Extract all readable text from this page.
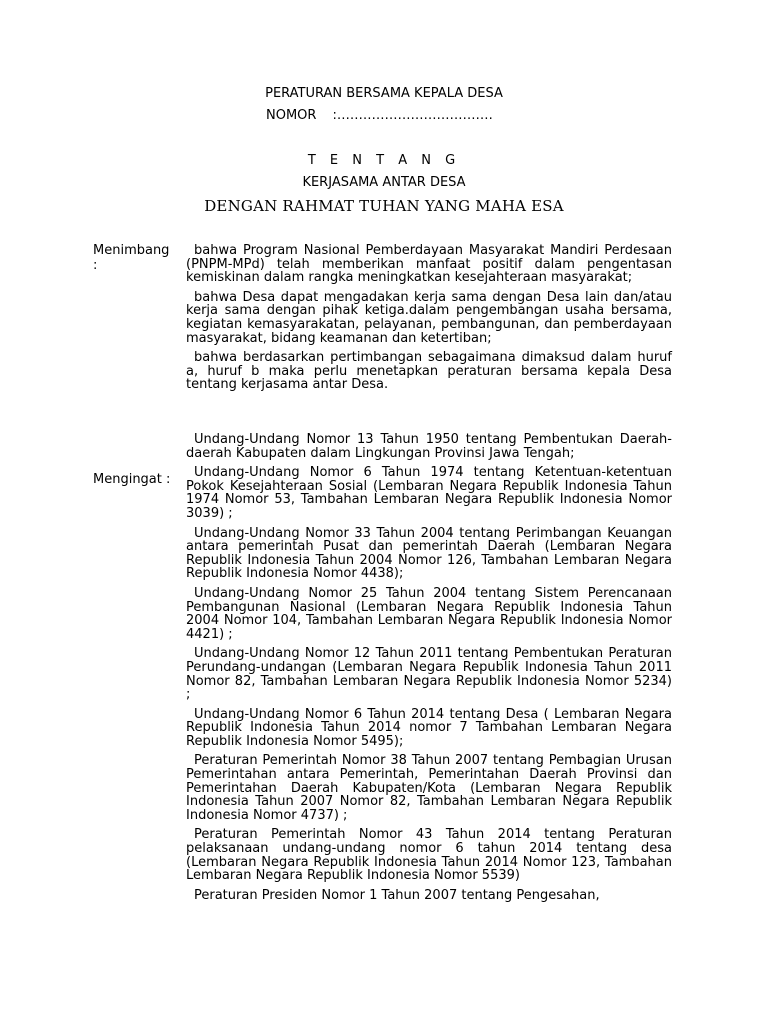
PERATURAN BERSAMA KEPALA DESA
NOMOR :………………………………
T E N T A N G
KERJASAMA ANTAR DESA
DENGAN RAHMAT TUHAN YANG MAHA ESA
Menimbang :

bahwa Program Nasional Pemberdayaan Masyarakat Mandiri Perdesaan (PNPM-MPd) telah memberikan manfaat positif dalam pengentasan kemiskinan dalam rangka meningkatkan kesejahteraan masyarakat;

bahwa Desa dapat mengadakan kerja sama dengan Desa lain dan/atau kerja sama dengan pihak ketiga.dalam pengembangan usaha bersama, kegiatan kemasyarakatan, pelayanan, pembangunan, dan pemberdayaan masyarakat, bidang keamanan dan ketertiban;

bahwa berdasarkan pertimbangan sebagaimana dimaksud dalam huruf a, huruf b maka perlu menetapkan peraturan bersama kepala Desa tentang kerjasama antar Desa.

Mengingat :

Undang-Undang Nomor 13 Tahun 1950 tentang Pembentukan Daerah-daerah Kabupaten dalam Lingkungan Provinsi Jawa Tengah;

Undang-Undang Nomor 6 Tahun 1974 tentang Ketentuan-ketentuan Pokok Kesejahteraan Sosial (Lembaran Negara Republik Indonesia Tahun 1974 Nomor 53, Tambahan Lembaran Negara Republik Indonesia Nomor 3039) ;

Undang-Undang Nomor 33 Tahun 2004 tentang Perimbangan Keuangan antara pemerintah Pusat dan pemerintah Daerah (Lembaran Negara Republik Indonesia Tahun 2004 Nomor 126, Tambahan Lembaran Negara Republik Indonesia Nomor 4438);

Undang-Undang Nomor 25 Tahun 2004 tentang Sistem Perencanaan Pembangunan Nasional (Lembaran Negara Republik Indonesia Tahun 2004 Nomor 104, Tambahan Lembaran Negara Republik Indonesia Nomor 4421) ;

Undang-Undang Nomor 12 Tahun 2011 tentang Pembentukan Peraturan Perundang-undangan (Lembaran Negara Republik Indonesia Tahun 2011 Nomor 82, Tambahan Lembaran Negara Republik Indonesia Nomor 5234) ;

Undang-Undang Nomor 6 Tahun 2014 tentang Desa ( Lembaran Negara Republik Indonesia Tahun 2014 nomor 7 Tambahan Lembaran Negara Republik Indonesia Nomor 5495);

Peraturan Pemerintah Nomor 38 Tahun 2007 tentang Pembagian Urusan Pemerintahan antara Pemerintah, Pemerintahan Daerah Provinsi dan Pemerintahan Daerah Kabupaten/Kota (Lembaran Negara Republik Indonesia Tahun 2007 Nomor 82, Tambahan Lembaran Negara Republik Indonesia Nomor 4737) ;

Peraturan Pemerintah Nomor 43 Tahun 2014 tentang Peraturan pelaksanaan undang-undang nomor 6 tahun 2014 tentang desa (Lembaran Negara Republik Indonesia Tahun 2014 Nomor 123, Tambahan Lembaran Negara Republik Indonesia Nomor 5539)

Peraturan Presiden Nomor 1 Tahun 2007 tentang Pengesahan,
